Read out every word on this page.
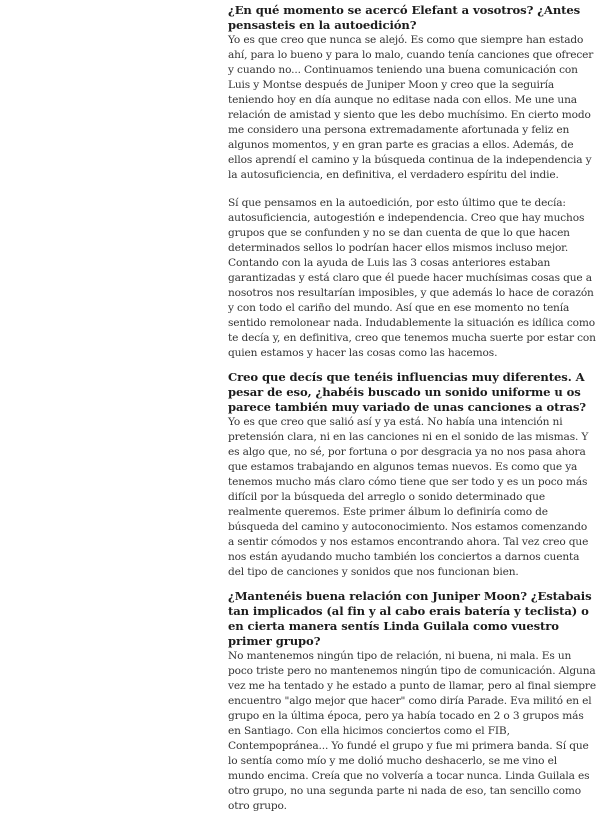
¿En qué momento se acercó Elefant a vosotros? ¿Antes pensasteis en la autoedición?

Yo es que creo que nunca se alejó. Es como que siempre han estado ahí, para lo bueno y para lo malo, cuando tenía canciones que ofrecer y cuando no... Continuamos teniendo una buena comunicación con Luis y Montse después de Juniper Moon y creo que la seguiría teniendo hoy en día aunque no editase nada con ellos. Me une una relación de amistad y siento que les debo muchísimo. En cierto modo me considero una persona extremadamente afortunada y feliz en algunos momentos, y en gran parte es gracias a ellos. Además, de ellos aprendí el camino y la búsqueda continua de la independencia y la autosuficiencia, en definitiva, el verdadero espíritu del indie.

Sí que pensamos en la autoedición, por esto último que te decía: autosuficiencia, autogestión e independencia. Creo que hay muchos grupos que se confunden y no se dan cuenta de que lo que hacen determinados sellos lo podrían hacer ellos mismos incluso mejor. Contando con la ayuda de Luis las 3 cosas anteriores estaban garantizadas y está claro que él puede hacer muchísimas cosas que a nosotros nos resultarían imposibles, y que además lo hace de corazón y con todo el cariño del mundo. Así que en ese momento no tenía sentido remolonear nada. Indudablemente la situación es idílica como te decía y, en definitiva, creo que tenemos mucha suerte por estar con quien estamos y hacer las cosas como las hacemos.

Creo que decís que tenéis influencias muy diferentes. A pesar de eso, ¿habéis buscado un sonido uniforme u os parece también muy variado de unas canciones a otras?

Yo es que creo que salió así y ya está. No había una intención ni pretensión clara, ni en las canciones ni en el sonido de las mismas. Y es algo que, no sé, por fortuna o por desgracia ya no nos pasa ahora que estamos trabajando en algunos temas nuevos. Es como que ya tenemos mucho más claro cómo tiene que ser todo y es un poco más difícil por la búsqueda del arreglo o sonido determinado que realmente queremos. Este primer álbum lo definiría como de búsqueda del camino y autoconocimiento. Nos estamos comenzando a sentir cómodos y nos estamos encontrando ahora. Tal vez creo que nos están ayudando mucho también los conciertos a darnos cuenta del tipo de canciones y sonidos que nos funcionan bien.

¿Mantenéis buena relación con Juniper Moon? ¿Estabais tan implicados (al fin y al cabo erais batería y teclista) o en cierta manera sentís Linda Guilala como vuestro primer grupo?

No mantenemos ningún tipo de relación, ni buena, ni mala. Es un poco triste pero no mantenemos ningún tipo de comunicación. Alguna vez me ha tentado y he estado a punto de llamar, pero al final siempre encuentro "algo mejor que hacer" como diría Parade. Eva militó en el grupo en la última época, pero ya había tocado en 2 o 3 grupos más en Santiago. Con ella hicimos conciertos como el FIB, Contempopránea... Yo fundé el grupo y fue mi primera banda. Sí que lo sentía como mío y me dolió mucho deshacerlo, se me vino el mundo encima. Creía que no volvería a tocar nunca. Linda Guilala es otro grupo, no una segunda parte ni nada de eso, tan sencillo como otro grupo.
